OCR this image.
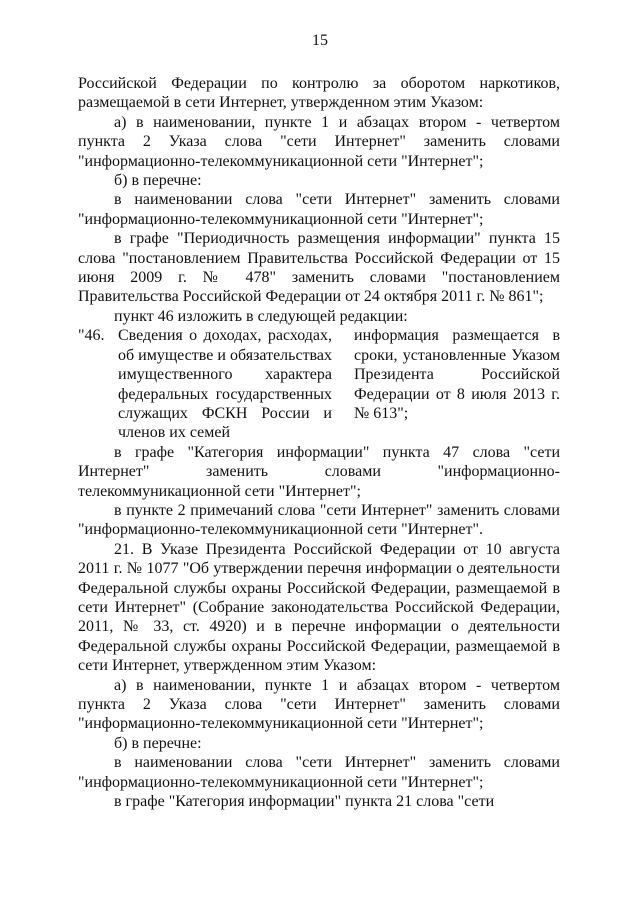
15

Российской Федерации по контролю за оборотом наркотиков, размещаемой в сети Интернет, утвержденном этим Указом:

а) в наименовании, пункте 1 и абзацах втором - четвертом пункта 2 Указа слова "сети Интернет" заменить словами "информационно-телекоммуникационной сети "Интернет";

б) в перечне:

в наименовании слова "сети Интернет" заменить словами "информационно-телекоммуникационной сети "Интернет";

в графе "Периодичность размещения информации" пункта 15 слова "постановлением Правительства Российской Федерации от 15 июня 2009 г. № 478" заменить словами "постановлением Правительства Российской Федерации от 24 октября 2011 г. № 861";

пункт 46 изложить в следующей редакции:

"46. Сведения о доходах, расходах, об имуществе и обязательствах имущественного характера федеральных государственных служащих ФСКН России и членов их семей
информация размещается в сроки, установленные Указом Президента Российской Федерации от 8 июля 2013 г. № 613";

в графе "Категория информации" пункта 47 слова "сети Интернет" заменить словами "информационно-телекоммуникационной сети "Интернет";

в пункте 2 примечаний слова "сети Интернет" заменить словами "информационно-телекоммуникационной сети "Интернет".

21. В Указе Президента Российской Федерации от 10 августа 2011 г. № 1077 "Об утверждении перечня информации о деятельности Федеральной службы охраны Российской Федерации, размещаемой в сети Интернет" (Собрание законодательства Российской Федерации, 2011, № 33, ст. 4920) и в перечне информации о деятельности Федеральной службы охраны Российской Федерации, размещаемой в сети Интернет, утвержденном этим Указом:

а) в наименовании, пункте 1 и абзацах втором - четвертом пункта 2 Указа слова "сети Интернет" заменить словами "информационно-телекоммуникационной сети "Интернет";

б) в перечне:

в наименовании слова "сети Интернет" заменить словами "информационно-телекоммуникационной сети "Интернет";

в графе "Категория информации" пункта 21 слова "сети
